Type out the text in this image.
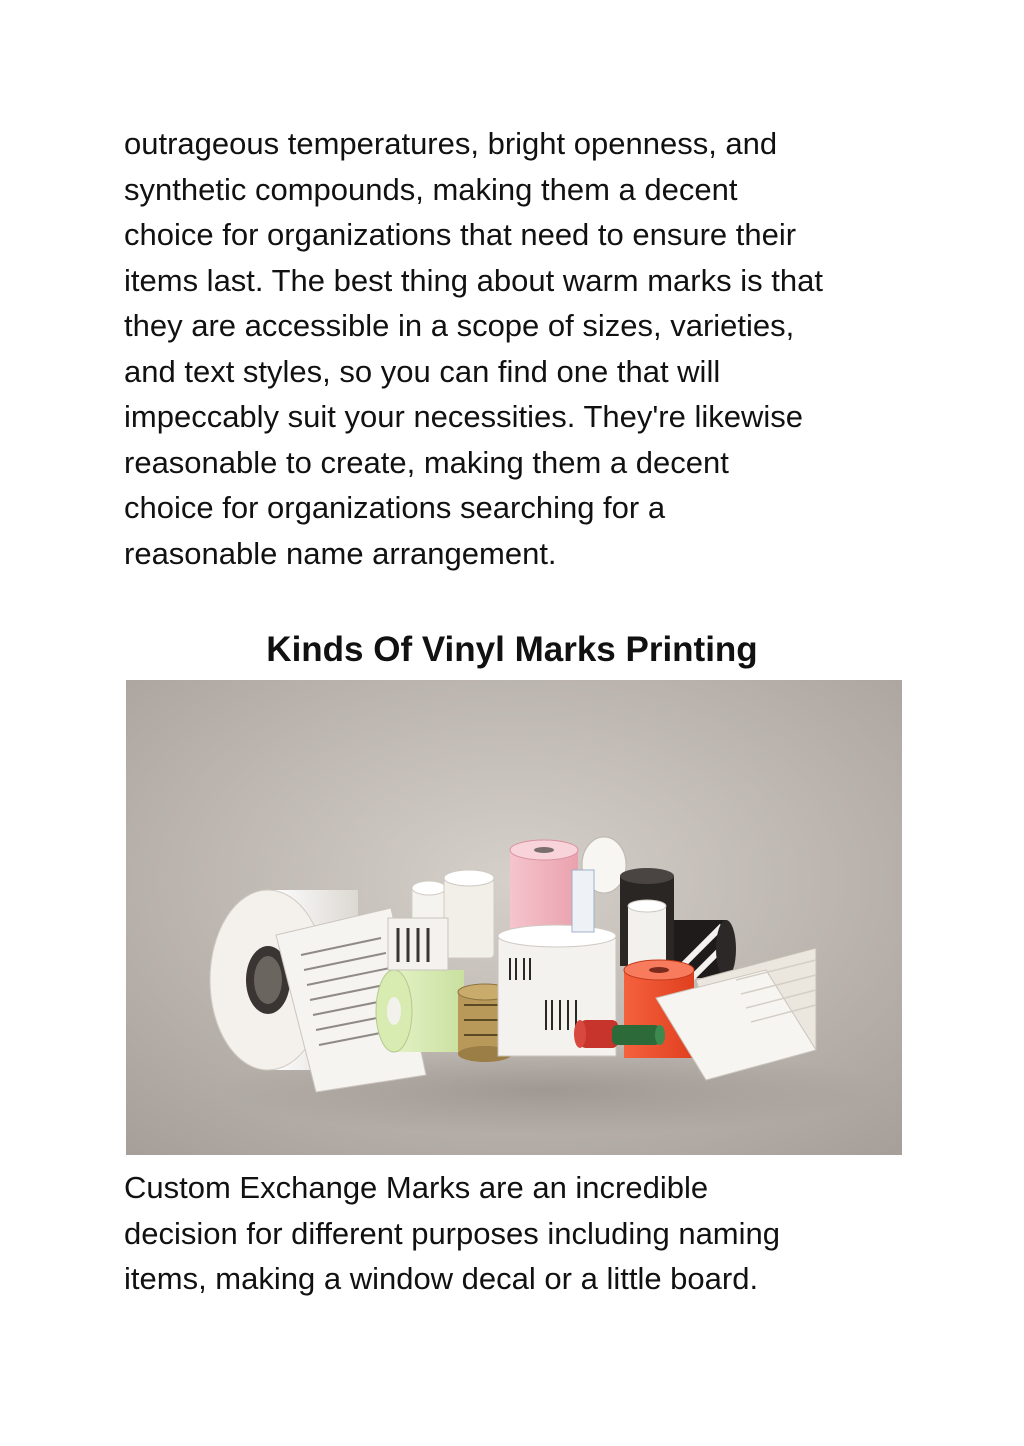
outrageous temperatures, bright openness, and
synthetic compounds, making them a decent
choice for organizations that need to ensure their
items last. The best thing about warm marks is that
they are accessible in a scope of sizes, varieties,
and text styles, so you can find one that will
impeccably suit your necessities. They're likewise
reasonable to create, making them a decent
choice for organizations searching for a
reasonable name arrangement.

Kinds Of Vinyl Marks Printing

Custom Exchange Marks are an incredible
decision for different purposes including naming
items, making a window decal or a little board.
